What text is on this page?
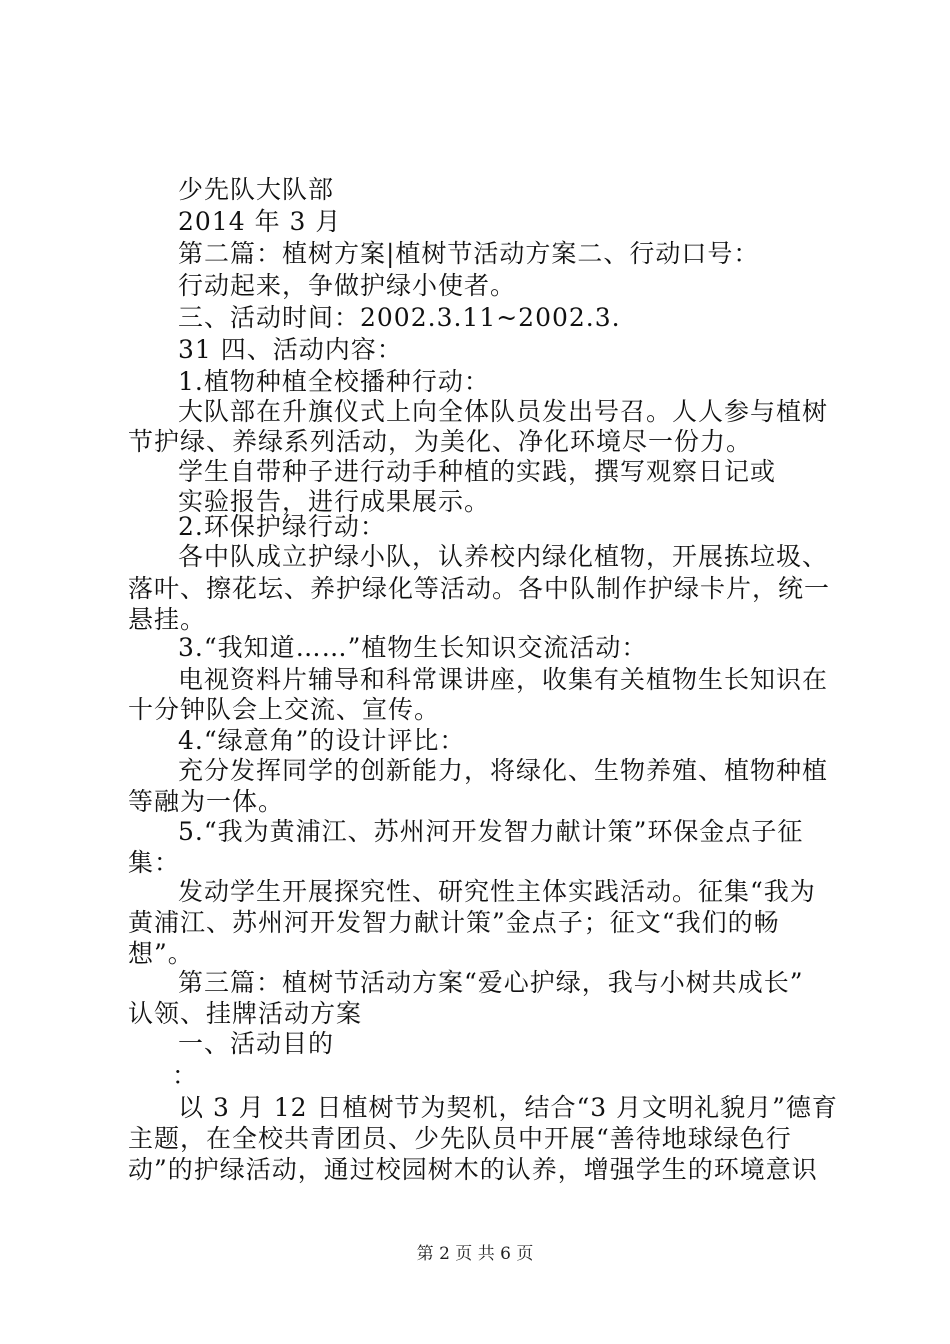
少先队大队部
2014 年 3 月
第二篇：植树方案|植树节活动方案二、行动口号：
行动起来，争做护绿小使者。
三、活动时间：2002.3.11~2002.3.
31 四、活动内容：
1.植物种植全校播种行动：
大队部在升旗仪式上向全体队员发出号召。人人参与植树
节护绿、养绿系列活动，为美化、净化环境尽一份力。
学生自带种子进行动手种植的实践，撰写观察日记或
实验报告，进行成果展示。
2.环保护绿行动：
各中队成立护绿小队，认养校内绿化植物，开展拣垃圾、
落叶、擦花坛、养护绿化等活动。各中队制作护绿卡片，统一
悬挂。
3.“我知道……”植物生长知识交流活动：
电视资料片辅导和科常课讲座，收集有关植物生长知识在
十分钟队会上交流、宣传。
4.“绿意角”的设计评比：
充分发挥同学的创新能力，将绿化、生物养殖、植物种植
等融为一体。
5.“我为黄浦江、苏州河开发智力献计策”环保金点子征
集：
发动学生开展探究性、研究性主体实践活动。征集“我为
黄浦江、苏州河开发智力献计策”金点子；征文“我们的畅
想”。
第三篇：植树节活动方案“爱心护绿，我与小树共成长”
认领、挂牌活动方案
一、活动目的
：
以 3 月 12 日植树节为契机，结合“3 月文明礼貌月”德育
主题，在全校共青团员、少先队员中开展“善待地球绿色行
动”的护绿活动，通过校园树木的认养，增强学生的环境意识
第 2 页 共 6 页
